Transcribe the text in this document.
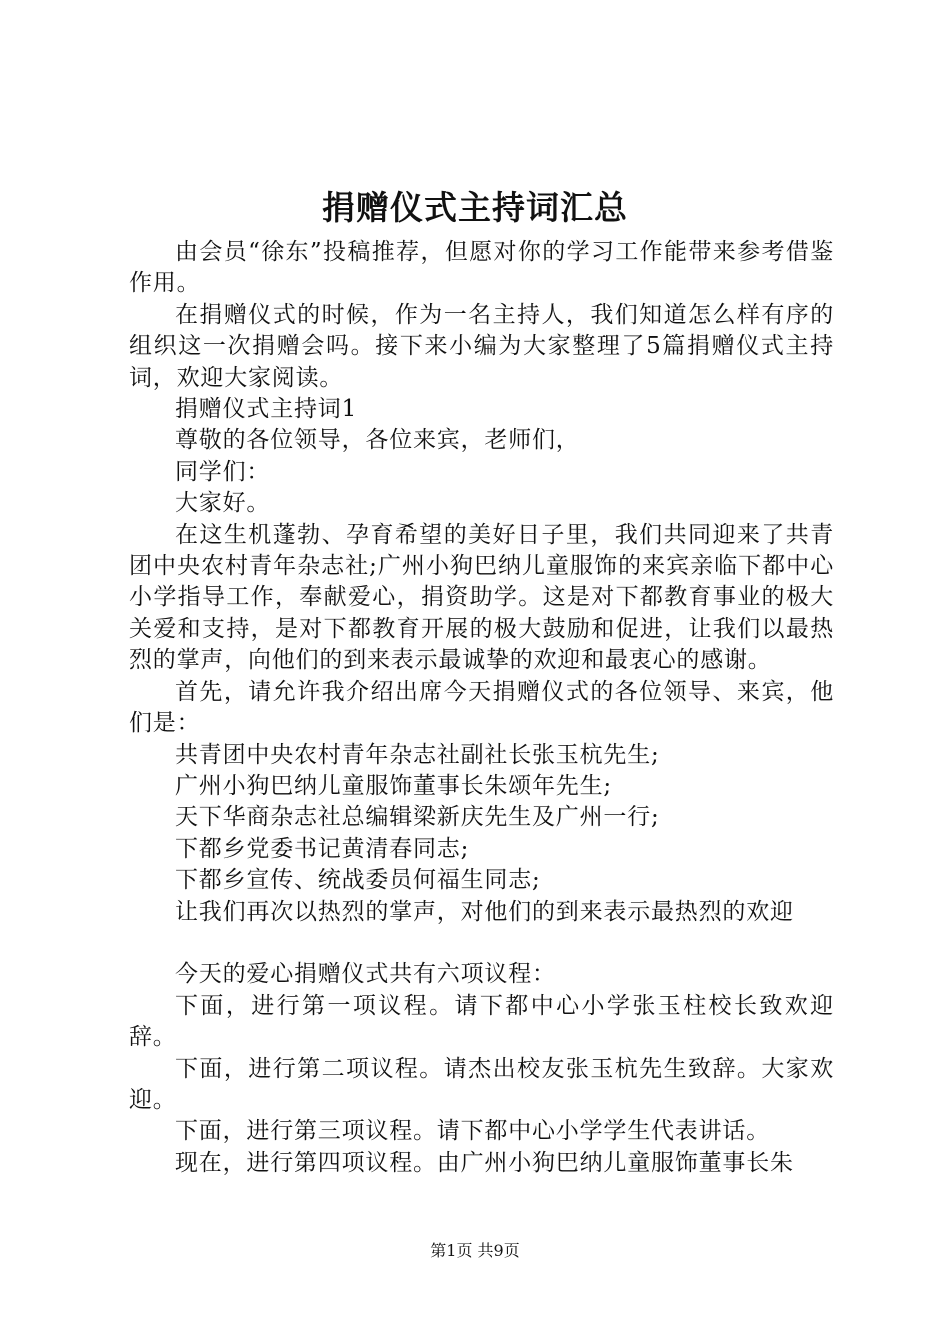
捐赠仪式主持词汇总

由会员“徐东”投稿推荐，但愿对你的学习工作能带来参考借鉴作用。

在捐赠仪式的时候，作为一名主持人，我们知道怎么样有序的组织这一次捐赠会吗。接下来小编为大家整理了5篇捐赠仪式主持词，欢迎大家阅读。

捐赠仪式主持词1

尊敬的各位领导，各位来宾，老师们，

同学们：

大家好。

在这生机蓬勃、孕育希望的美好日子里，我们共同迎来了共青团中央农村青年杂志社;广州小狗巴纳儿童服饰的来宾亲临下都中心小学指导工作，奉献爱心，捐资助学。这是对下都教育事业的极大关爱和支持，是对下都教育开展的极大鼓励和促进，让我们以最热烈的掌声，向他们的到来表示最诚挚的欢迎和最衷心的感谢。

首先，请允许我介绍出席今天捐赠仪式的各位领导、来宾，他们是：

共青团中央农村青年杂志社副社长张玉杭先生;

广州小狗巴纳儿童服饰董事长朱颂年先生;

天下华商杂志社总编辑梁新庆先生及广州一行;

下都乡党委书记黄清春同志;

下都乡宣传、统战委员何福生同志;

让我们再次以热烈的掌声，对他们的到来表示最热烈的欢迎

今天的爱心捐赠仪式共有六项议程：

下面，进行第一项议程。请下都中心小学张玉柱校长致欢迎辞。

下面，进行第二项议程。请杰出校友张玉杭先生致辞。大家欢迎。

下面，进行第三项议程。请下都中心小学学生代表讲话。

现在，进行第四项议程。由广州小狗巴纳儿童服饰董事长朱

第1页 共9页
